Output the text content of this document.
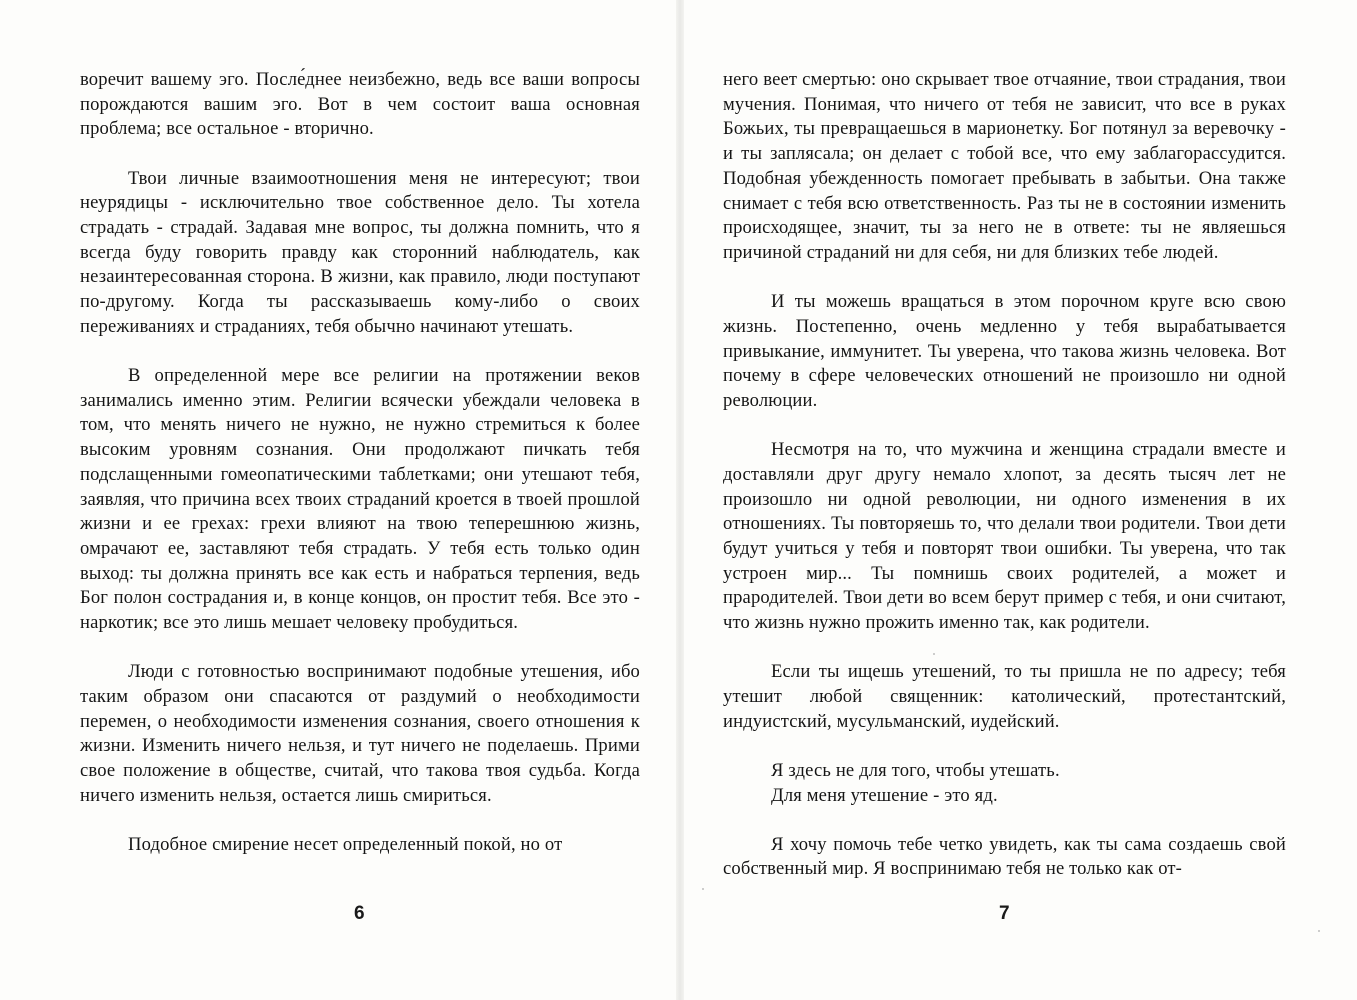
воречит вашему эго. После́днее неизбежно, ведь все ваши вопросы порождаются вашим эго. Вот в чем состоит ваша основная проблема; все остальное - вторично.

Твои личные взаимоотношения меня не интересуют; твои неурядицы - исключительно твое собственное дело. Ты хотела страдать - страдай. Задавая мне вопрос, ты должна помнить, что я всегда буду говорить правду как сторонний наблюдатель, как незаинтересованная сторона. В жизни, как правило, люди поступают по-другому. Когда ты рассказываешь кому-либо о своих переживаниях и страданиях, тебя обычно начинают утешать.

В определенной мере все религии на протяжении веков занимались именно этим. Религии всячески убеждали человека в том, что менять ничего не нужно, не нужно стремиться к более высоким уровням сознания. Они продолжают пичкать тебя подслащенными гомеопатическими таблетками; они утешают тебя, заявляя, что причина всех твоих страданий кроется в твоей прошлой жизни и ее грехах: грехи влияют на твою теперешнюю жизнь, омрачают ее, заставляют тебя страдать. У тебя есть только один выход: ты должна принять все как есть и набраться терпения, ведь Бог полон сострадания и, в конце концов, он простит тебя. Все это - наркотик; все это лишь мешает человеку пробудиться.

Люди с готовностью воспринимают подобные утешения, ибо таким образом они спасаются от раздумий о необходимости перемен, о необходимости изменения сознания, своего отношения к жизни. Изменить ничего нельзя, и тут ничего не поделаешь. Прими свое положение в обществе, считай, что такова твоя судьба. Когда ничего изменить нельзя, остается лишь смириться.

Подобное смирение несет определенный покой, но от

6

него веет смертью: оно скрывает твое отчаяние, твои страдания, твои мучения. Понимая, что ничего от тебя не зависит, что все в руках Божьих, ты превращаешься в марионетку. Бог потянул за веревочку - и ты заплясала; он делает с тобой все, что ему заблагорассудится. Подобная убежденность помогает пребывать в забытьи. Она также снимает с тебя всю ответственность. Раз ты не в состоянии изменить происходящее, значит, ты за него не в ответе: ты не являешься причиной страданий ни для себя, ни для близких тебе людей.

И ты можешь вращаться в этом порочном круге всю свою жизнь. Постепенно, очень медленно у тебя вырабатывается привыкание, иммунитет. Ты уверена, что такова жизнь человека. Вот почему в сфере человеческих отношений не произошло ни одной революции.

Несмотря на то, что мужчина и женщина страдали вместе и доставляли друг другу немало хлопот, за десять тысяч лет не произошло ни одной революции, ни одного изменения в их отношениях. Ты повторяешь то, что делали твои родители. Твои дети будут учиться у тебя и повторят твои ошибки. Ты уверена, что так устроен мир... Ты помнишь своих родителей, а может и прародителей. Твои дети во всем берут пример с тебя, и они считают, что жизнь нужно прожить именно так, как родители.

Если ты ищешь утешений, то ты пришла не по адресу; тебя утешит любой священник: католический, протестантский, индуистский, мусульманский, иудейский.

Я здесь не для того, чтобы утешать.

Для меня утешение - это яд.

Я хочу помочь тебе четко увидеть, как ты сама создаешь свой собственный мир. Я воспринимаю тебя не только как от-

7
